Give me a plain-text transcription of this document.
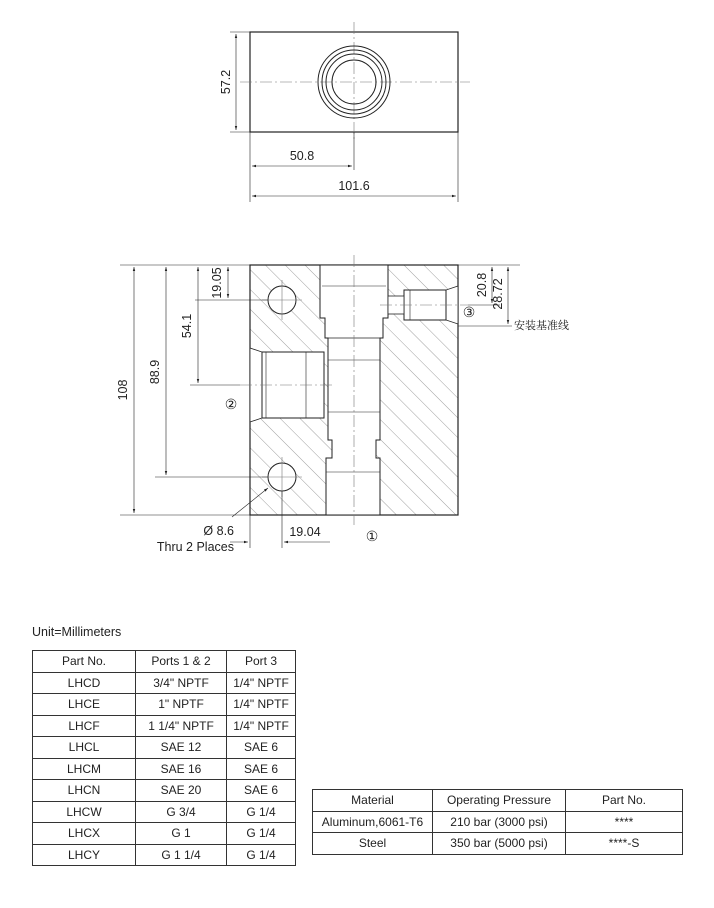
57.2
50.8
101.6
108
88.9
54.1
19.05	20.8 28.72
安装基准线
19.04
Ø 8.6
Thru 2 Places
①
②
③
Unit=Millimeters
Part No.	Ports 1 & 2	Port 3
LHCD	3/4" NPTF	1/4" NPTF
LHCE	1" NPTF	1/4" NPTF
LHCF	1 1/4" NPTF	1/4" NPTF
LHCL	SAE 12	SAE 6
LHCM	SAE 16	SAE 6
LHCN	SAE 20	SAE 6
LHCW	G 3/4	G 1/4
LHCX	G 1	G 1/4
LHCY	G 1 1/4	G 1/4
Material	Operating Pressure	Part No.
Aluminum,6061-T6	210 bar (3000 psi)	****
Steel	350 bar (5000 psi)	****-S
